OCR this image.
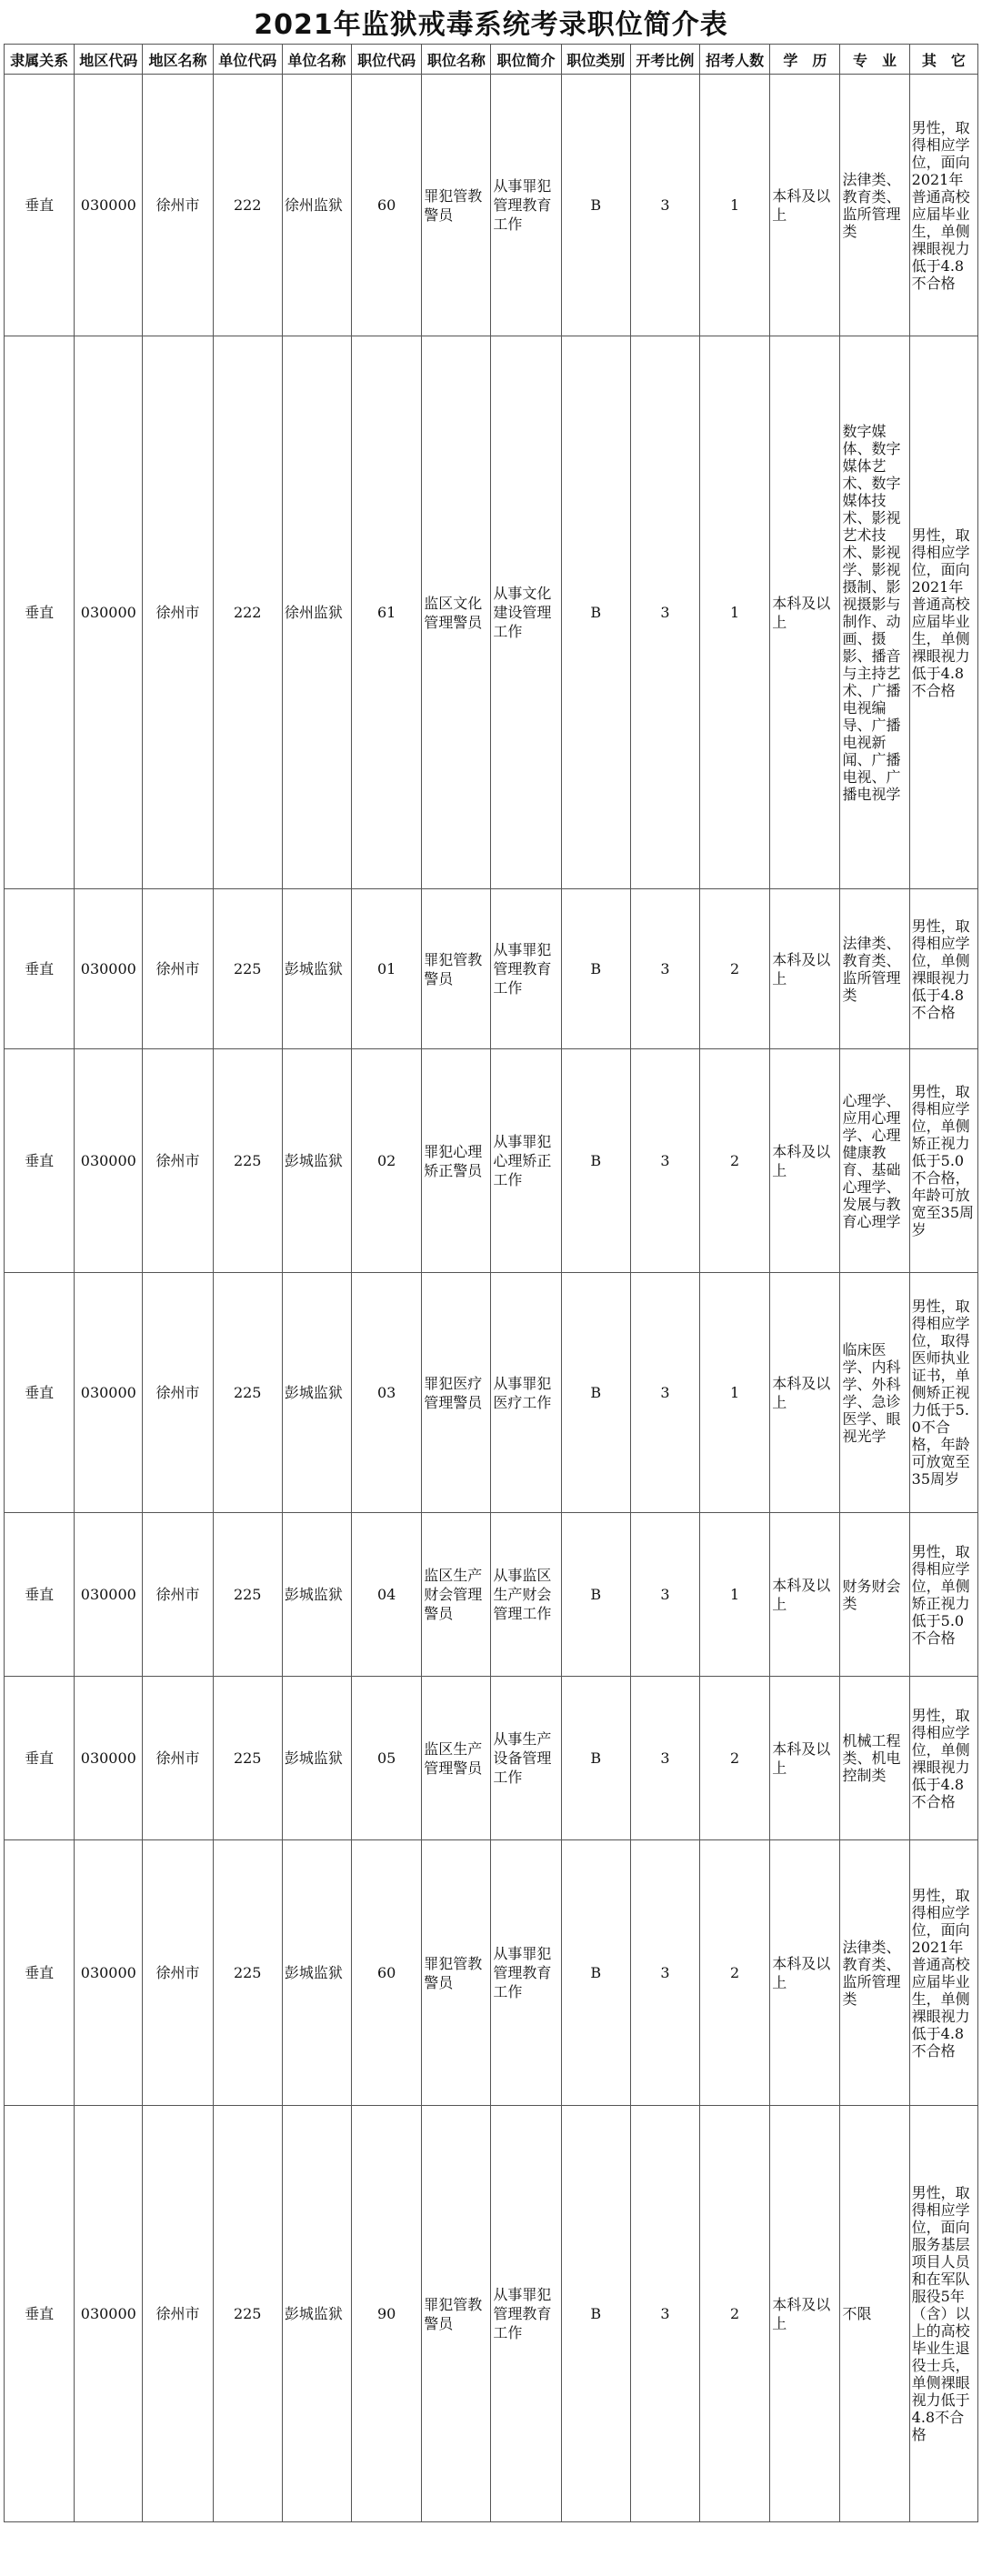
2021年监狱戒毒系统考录职位简介表
隶属关系	地区代码	地区名称	单位代码	单位名称	职位代码	职位名称	职位简介	职位类别	开考比例	招考人数	学　历	专　业	其　它
垂直	030000	徐州市	222	徐州监狱	60	罪犯管教警员	从事罪犯管理教育工作	B	3	1	本科及以上	法律类、教育类、监所管理类	男性，取得相应学位，面向2021年普通高校应届毕业生，单侧裸眼视力低于4.8不合格
垂直	030000	徐州市	222	徐州监狱	61	监区文化管理警员	从事文化建设管理工作	B	3	1	本科及以上	数字媒体、数字媒体艺术、数字媒体技术、影视艺术技术、影视学、影视摄制、影视摄影与制作、动画、摄影、播音与主持艺术、广播电视编导、广播电视新闻、广播电视、广播电视学	男性，取得相应学位，面向2021年普通高校应届毕业生，单侧裸眼视力低于4.8不合格
垂直	030000	徐州市	225	彭城监狱	01	罪犯管教警员	从事罪犯管理教育工作	B	3	2	本科及以上	法律类、教育类、监所管理类	男性，取得相应学位，单侧裸眼视力低于4.8不合格
垂直	030000	徐州市	225	彭城监狱	02	罪犯心理矫正警员	从事罪犯心理矫正工作	B	3	2	本科及以上	心理学、应用心理学、心理健康教育、基础心理学、发展与教育心理学	男性，取得相应学位，单侧矫正视力低于5.0不合格，年龄可放宽至35周岁
垂直	030000	徐州市	225	彭城监狱	03	罪犯医疗管理警员	从事罪犯医疗工作	B	3	1	本科及以上	临床医学、内科学、外科学、急诊医学、眼视光学	男性，取得相应学位，取得医师执业证书，单侧矫正视力低于5.0不合格，年龄可放宽至35周岁
垂直	030000	徐州市	225	彭城监狱	04	监区生产财会管理警员	从事监区生产财会管理工作	B	3	1	本科及以上	财务财会类	男性，取得相应学位，单侧矫正视力低于5.0不合格
垂直	030000	徐州市	225	彭城监狱	05	监区生产管理警员	从事生产设备管理工作	B	3	2	本科及以上	机械工程类、机电控制类	男性，取得相应学位，单侧裸眼视力低于4.8不合格
垂直	030000	徐州市	225	彭城监狱	60	罪犯管教警员	从事罪犯管理教育工作	B	3	2	本科及以上	法律类、教育类、监所管理类	男性，取得相应学位，面向2021年普通高校应届毕业生，单侧裸眼视力低于4.8不合格
垂直	030000	徐州市	225	彭城监狱	90	罪犯管教警员	从事罪犯管理教育工作	B	3	2	本科及以上	不限	男性，取得相应学位，面向服务基层项目人员和在军队服役5年（含）以上的高校毕业生退役士兵，单侧裸眼视力低于4.8不合格
